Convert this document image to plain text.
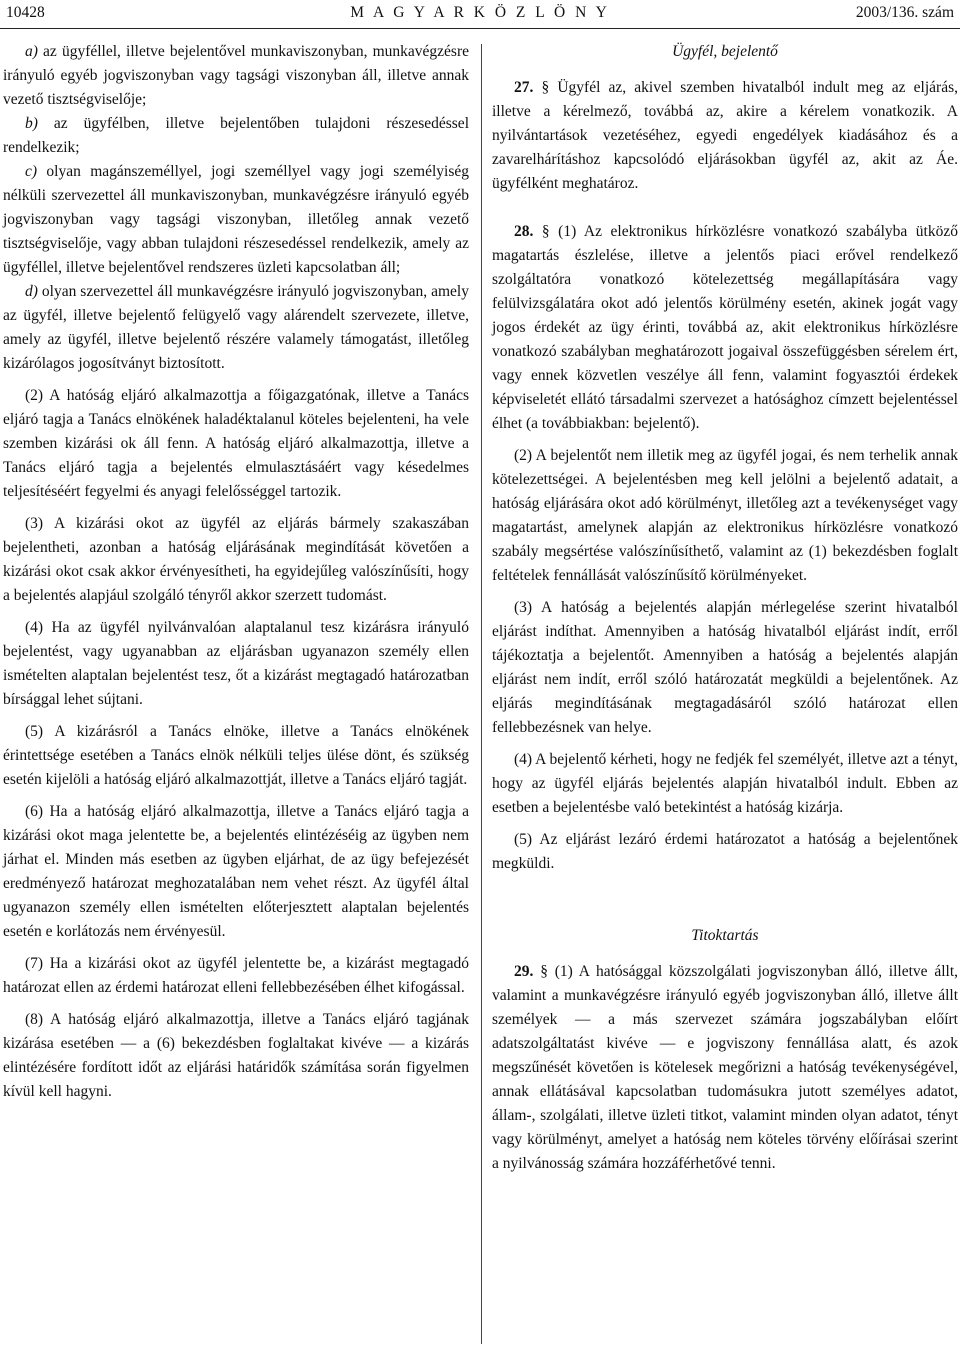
10428	M A G Y A R K Ö Z L Ö N Y	2003/136. szám

a) az ügyféllel, illetve bejelentővel munkaviszonyban, munkavégzésre irányuló egyéb jogviszonyban vagy tagsági viszonyban áll, illetve annak vezető tisztségviselője;

b) az ügyfélben, illetve bejelentőben tulajdoni részesedéssel rendelkezik;

c) olyan magánszeméllyel, jogi személlyel vagy jogi személyiség nélküli szervezettel áll munkaviszonyban, munkavégzésre irányuló egyéb jogviszonyban vagy tagsági viszonyban, illetőleg annak vezető tisztségviselője, vagy abban tulajdoni részesedéssel rendelkezik, amely az ügyféllel, illetve bejelentővel rendszeres üzleti kapcsolatban áll;

d) olyan szervezettel áll munkavégzésre irányuló jogviszonyban, amely az ügyfél, illetve bejelentő felügyelő vagy alárendelt szervezete, illetve, amely az ügyfél, illetve bejelentő részére valamely támogatást, illetőleg kizárólagos jogosítványt biztosított.

(2) A hatóság eljáró alkalmazottja a főigazgatónak, illetve a Tanács eljáró tagja a Tanács elnökének haladéktalanul köteles bejelenteni, ha vele szemben kizárási ok áll fenn. A hatóság eljáró alkalmazottja, illetve a Tanács eljáró tagja a bejelentés elmulasztásáért vagy késedelmes teljesítéséért fegyelmi és anyagi felelősséggel tartozik.

(3) A kizárási okot az ügyfél az eljárás bármely szakaszában bejelentheti, azonban a hatóság eljárásának megindítását követően a kizárási okot csak akkor érvényesítheti, ha egyidejűleg valószínűsíti, hogy a bejelentés alapjául szolgáló tényről akkor szerzett tudomást.

(4) Ha az ügyfél nyilvánvalóan alaptalanul tesz kizárásra irányuló bejelentést, vagy ugyanabban az eljárásban ugyanazon személy ellen ismételten alaptalan bejelentést tesz, őt a kizárást megtagadó határozatban bírsággal lehet sújtani.

(5) A kizárásról a Tanács elnöke, illetve a Tanács elnökének érintettsége esetében a Tanács elnök nélküli teljes ülése dönt, és szükség esetén kijelöli a hatóság eljáró alkalmazottját, illetve a Tanács eljáró tagját.

(6) Ha a hatóság eljáró alkalmazottja, illetve a Tanács eljáró tagja a kizárási okot maga jelentette be, a bejelentés elintézéséig az ügyben nem járhat el. Minden más esetben az ügyben eljárhat, de az ügy befejezését eredményező határozat meghozatalában nem vehet részt. Az ügyfél által ugyanazon személy ellen ismételten előterjesztett alaptalan bejelentés esetén e korlátozás nem érvényesül.

(7) Ha a kizárási okot az ügyfél jelentette be, a kizárást megtagadó határozat ellen az érdemi határozat elleni fellebbezésében élhet kifogással.

(8) A hatóság eljáró alkalmazottja, illetve a Tanács eljáró tagjának kizárása esetében — a (6) bekezdésben foglaltakat kivéve — a kizárás elintézésére fordított időt az eljárási határidők számítása során figyelmen kívül kell hagyni.

Ügyfél, bejelentő

27. § Ügyfél az, akivel szemben hivatalból indult meg az eljárás, illetve a kérelmező, továbbá az, akire a kérelem vonatkozik. A nyilvántartások vezetéséhez, egyedi engedélyek kiadásához és a zavarelhárításhoz kapcsolódó eljárásokban ügyfél az, akit az Áe. ügyfélként meghatároz.

28. § (1) Az elektronikus hírközlésre vonatkozó szabályba ütköző magatartás észlelése, illetve a jelentős piaci erővel rendelkező szolgáltatóra vonatkozó kötelezettség megállapítására vagy felülvizsgálatára okot adó jelentős körülmény esetén, akinek jogát vagy jogos érdekét az ügy érinti, továbbá az, akit elektronikus hírközlésre vonatkozó szabályban meghatározott jogaival összefüggésben sérelem ért, vagy ennek közvetlen veszélye áll fenn, valamint fogyasztói érdekek képviseletét ellátó társadalmi szervezet a hatósághoz címzett bejelentéssel élhet (a továbbiakban: bejelentő).

(2) A bejelentőt nem illetik meg az ügyfél jogai, és nem terhelik annak kötelezettségei. A bejelentésben meg kell jelölni a bejelentő adatait, a hatóság eljárására okot adó körülményt, illetőleg azt a tevékenységet vagy magatartást, amelynek alapján az elektronikus hírközlésre vonatkozó szabály megsértése valószínűsíthető, valamint az (1) bekezdésben foglalt feltételek fennállását valószínűsítő körülményeket.

(3) A hatóság a bejelentés alapján mérlegelése szerint hivatalból eljárást indíthat. Amennyiben a hatóság hivatalból eljárást indít, erről tájékoztatja a bejelentőt. Amennyiben a hatóság a bejelentés alapján eljárást nem indít, erről szóló határozatát megküldi a bejelentőnek. Az eljárás megindításának megtagadásáról szóló határozat ellen fellebbezésnek van helye.

(4) A bejelentő kérheti, hogy ne fedjék fel személyét, illetve azt a tényt, hogy az ügyfél eljárás bejelentés alapján hivatalból indult. Ebben az esetben a bejelentésbe való betekintést a hatóság kizárja.

(5) Az eljárást lezáró érdemi határozatot a hatóság a bejelentőnek megküldi.

Titoktartás

29. § (1) A hatósággal közszolgálati jogviszonyban álló, illetve állt, valamint a munkavégzésre irányuló egyéb jogviszonyban álló, illetve állt személyek — a más szervezet számára jogszabályban előírt adatszolgáltatást kivéve — e jogviszony fennállása alatt, és azok megszűnését követően is kötelesek megőrizni a hatóság tevékenységével, annak ellátásával kapcsolatban tudomásukra jutott személyes adatot, állam-, szolgálati, illetve üzleti titkot, valamint minden olyan adatot, tényt vagy körülményt, amelyet a hatóság nem köteles törvény előírásai szerint a nyilvánosság számára hozzáférhetővé tenni.
